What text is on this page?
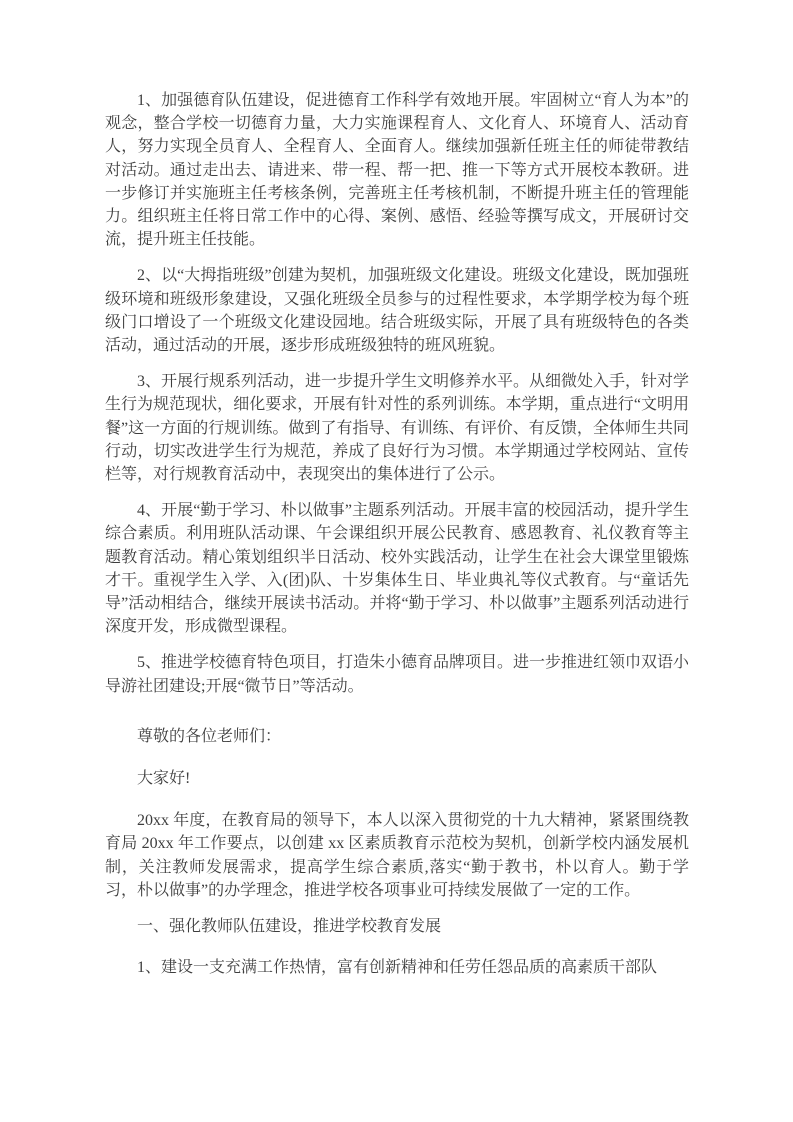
1、加强德育队伍建设，促进德育工作科学有效地开展。牢固树立“育人为本”的观念，整合学校一切德育力量，大力实施课程育人、文化育人、环境育人、活动育人，努力实现全员育人、全程育人、全面育人。继续加强新任班主任的师徒带教结对活动。通过走出去、请进来、带一程、帮一把、推一下等方式开展校本教研。进一步修订并实施班主任考核条例，完善班主任考核机制，不断提升班主任的管理能力。组织班主任将日常工作中的心得、案例、感悟、经验等撰写成文，开展研讨交流，提升班主任技能。

2、以“大拇指班级”创建为契机，加强班级文化建设。班级文化建设，既加强班级环境和班级形象建设，又强化班级全员参与的过程性要求，本学期学校为每个班级门口增设了一个班级文化建设园地。结合班级实际，开展了具有班级特色的各类活动，通过活动的开展，逐步形成班级独特的班风班貌。

3、开展行规系列活动，进一步提升学生文明修养水平。从细微处入手，针对学生行为规范现状，细化要求，开展有针对性的系列训练。本学期，重点进行“文明用餐”这一方面的行规训练。做到了有指导、有训练、有评价、有反馈，全体师生共同行动，切实改进学生行为规范，养成了良好行为习惯。本学期通过学校网站、宣传栏等，对行规教育活动中，表现突出的集体进行了公示。

4、开展“勤于学习、朴以做事”主题系列活动。开展丰富的校园活动，提升学生综合素质。利用班队活动课、午会课组织开展公民教育、感恩教育、礼仪教育等主题教育活动。精心策划组织半日活动、校外实践活动，让学生在社会大课堂里锻炼才干。重视学生入学、入(团)队、十岁集体生日、毕业典礼等仪式教育。与“童话先导”活动相结合，继续开展读书活动。并将“勤于学习、朴以做事”主题系列活动进行深度开发，形成微型课程。

5、推进学校德育特色项目，打造朱小德育品牌项目。进一步推进红领巾双语小导游社团建设;开展“微节日”等活动。

尊敬的各位老师们：

大家好!

20xx 年度，在教育局的领导下，本人以深入贯彻党的十九大精神，紧紧围绕教育局 20xx 年工作要点，以创建 xx 区素质教育示范校为契机，创新学校内涵发展机制，关注教师发展需求，提高学生综合素质,落实“勤于教书，朴以育人。勤于学习，朴以做事”的办学理念，推进学校各项事业可持续发展做了一定的工作。

一、强化教师队伍建设，推进学校教育发展

1、建设一支充满工作热情，富有创新精神和任劳任怨品质的高素质干部队
